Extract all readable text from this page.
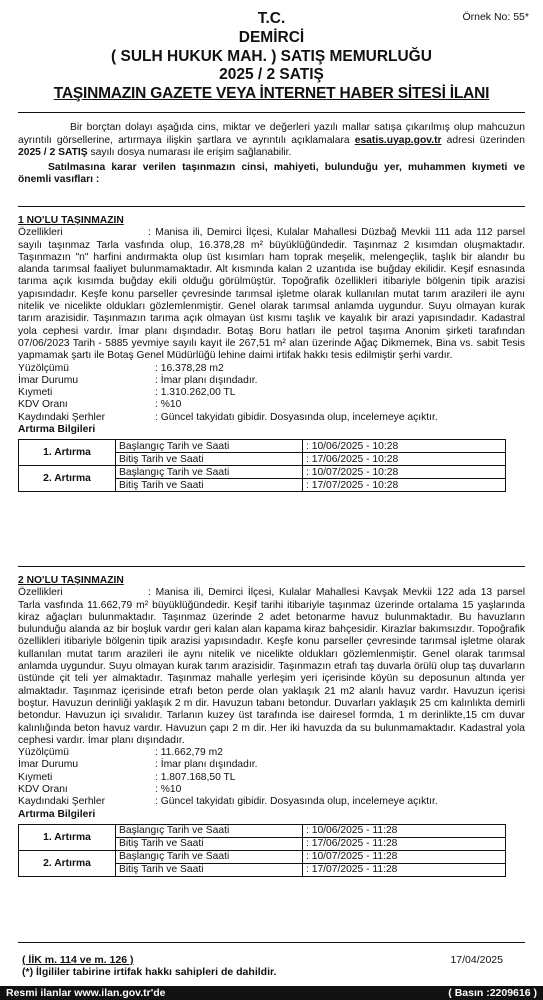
Örnek No: 55*
T.C.
DEMİRCİ
( SULH HUKUK MAH. ) SATIŞ MEMURLUĞU
2025 / 2 SATIŞ
TAŞINMAZIN GAZETE VEYA İNTERNET HABER SİTESİ İLANI

Bir borçtan dolayı aşağıda cins, miktar ve değerleri yazılı mallar satışa çıkarılmış olup mahcuzun ayrıntılı görsellerine, artırmaya ilişkin şartlara ve ayrıntılı açıklamalara esatis.uyap.gov.tr adresi üzerinden 2025 / 2 SATIŞ sayılı dosya numarası ile erişim sağlanabilir.

Satılmasına karar verilen taşınmazın cinsi, mahiyeti, bulunduğu yer, muhammen kıymeti ve önemli vasıfları :

1 NO'LU TAŞINMAZIN

Özellikleri	: Manisa ili, Demirci İlçesi, Kulalar Mahallesi Düzbağ Mevkii 111 ada 112 parsel sayılı taşınmaz Tarla vasfında olup, 16.378,28 m² büyüklüğündedir. Taşınmaz 2 kısımdan oluşmaktadır. Taşınmazın "n" harfini andırmakta olup üst kısımları ham toprak meşelik, melengeçlik, taşlık bir alandır bu alanda tarımsal faaliyet bulunmamaktadır. Alt kısmında kalan 2 uzantıda ise buğday ekilidir. Keşif esnasında tarıma açık kısımda buğday ekili olduğu görülmüştür. Topoğrafik özellikleri itibariyle bölgenin tipik arazisi yapısındadır. Keşfe konu parseller çevresinde tarımsal işletme olarak kullanılan mutat tarım arazileri ile aynı nitelik ve nicelikte oldukları gözlemlenmiştir. Genel olarak tarımsal anlamda uygundur. Suyu olmayan kurak tarım arazisidir. Taşınmazın tarıma açık olmayan üst kısmı taşlık ve kayalık bir arazi yapısındadır. Kadastral yola cephesi vardır. İmar planı dışındadır. Botaş Boru hatları ile petrol taşıma Anonim şirketi tarafından 07/06/2023 Tarih - 5885 yevmiye sayılı kayıt ile 267,51 m² alan üzerinde Ağaç Dikmemek, Bina vs. sabit Tesis yapmamak şartı ile Botaş Genel Müdürlüğü lehine daimi irtifak hakkı tesis edilmiştir şerhi vardır.

Yüzölçümü	: 16.378,28 m2
İmar Durumu	: İmar planı dışındadır.
Kıymeti	: 1.310.262,00 TL
KDV Oranı	: %10
Kaydındaki Şerhler	: Güncel takyidatı gibidir. Dosyasında olup, incelemeye açıktır.

Artırma Bilgileri

1. Artırma	Başlangıç Tarih ve Saati	: 10/06/2025 - 10:28
	Bitiş Tarih ve Saati	: 17/06/2025 - 10:28
2. Artırma	Başlangıç Tarih ve Saati	: 10/07/2025 - 10:28
	Bitiş Tarih ve Saati	: 17/07/2025 - 10:28

2 NO'LU TAŞINMAZIN

Özellikleri	: Manisa ili, Demirci İlçesi, Kulalar Mahallesi Kavşak Mevkii 122 ada 13 parsel Tarla vasfında 11.662,79 m² büyüklüğündedir. Keşif tarihi itibariyle taşınmaz üzerinde ortalama 15 yaşlarında kiraz ağaçları bulunmaktadır. Taşınmaz üzerinde 2 adet betonarme havuz bulunmaktadır. Bu havuzların bulunduğu alanda az bir boşluk vardır geri kalan alan kapama kiraz bahçesidir. Kirazlar bakımsızdır. Topoğrafik özellikleri itibariyle bölgenin tipik arazisi yapısındadır. Keşfe konu parseller çevresinde tarımsal işletme olarak kullanılan mutat tarım arazileri ile aynı nitelik ve nicelikte oldukları gözlemlenmiştir. Genel olarak tarımsal anlamda uygundur. Suyu olmayan kurak tarım arazisidir. Taşınmazın etrafı taş duvarla örülü olup taş duvarların üstünde çit teli yer almaktadır. Taşınmaz mahalle yerleşim yeri içerisinde köyün su deposunun altında yer almaktadır. Taşınmaz içerisinde etrafı beton perde olan yaklaşık 21 m2 alanlı havuz vardır. Havuzun içerisi boştur. Havuzun derinliği yaklaşık 2 m dir. Havuzun tabanı betondur. Duvarları yaklaşık 25 cm kalınlıkta demirli betondur. Havuzun içi sıvalıdır. Tarlanın kuzey üst tarafında ise dairesel formda, 1 m derinlikte,15 cm duvar kalınlığında beton havuz vardır. Havuzun çapı 2 m dir. Her iki havuzda da su bulunmamaktadır. Kadastral yola cephesi vardır. İmar planı dışındadır.

Yüzölçümü	: 11.662,79 m2
İmar Durumu	: İmar planı dışındadır.
Kıymeti	: 1.807.168,50 TL
KDV Oranı	: %10
Kaydındaki Şerhler	: Güncel takyidatı gibidir. Dosyasında olup, incelemeye açıktır.

Artırma Bilgileri

1. Artırma	Başlangıç Tarih ve Saati	: 10/06/2025 - 11:28
	Bitiş Tarih ve Saati	: 17/06/2025 - 11:28
2. Artırma	Başlangıç Tarih ve Saati	: 10/07/2025 - 11:28
	Bitiş Tarih ve Saati	: 17/07/2025 - 11:28
( İİK m. 114 ve m. 126 )	17/04/2025
(*) İlgililer tabirine irtifak hakkı sahipleri de dahildir.
Resmi ilanlar www.ilan.gov.tr'de	( Basın :2209616 )
